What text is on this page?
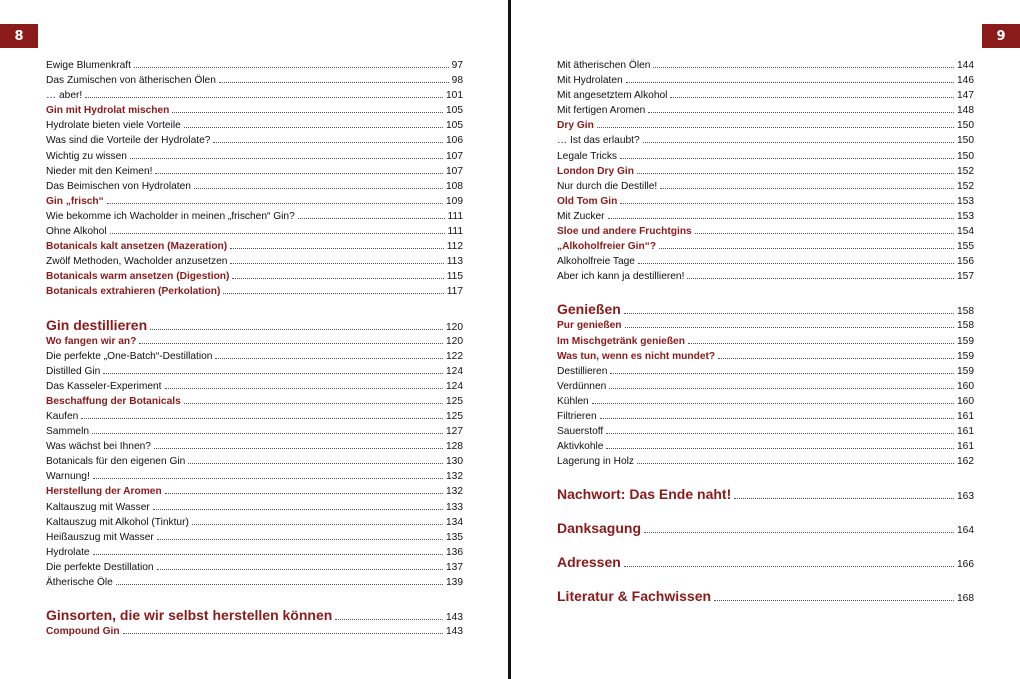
8
Ewige Blumenkraft	97
Das Zumischen von ätherischen Ölen	98
… aber!	101
Gin mit Hydrolat mischen	105
Hydrolate bieten viele Vorteile	105
Was sind die Vorteile der Hydrolate?	106
Wichtig zu wissen	107
Nieder mit den Keimen!	107
Das Beimischen von Hydrolaten	108
Gin „frisch“	109
Wie bekomme ich Wacholder in meinen „frischen“ Gin?	111
Ohne Alkohol	111
Botanicals kalt ansetzen (Mazeration)	112
Zwölf Methoden, Wacholder anzusetzen	113
Botanicals warm ansetzen (Digestion)	115
Botanicals extrahieren (Perkolation)	117
Gin destillieren	120
Wo fangen wir an?	120
Die perfekte „One-Batch“-Destillation	122
Distilled Gin	124
Das Kasseler-Experiment	124
Beschaffung der Botanicals	125
Kaufen	125
Sammeln	127
Was wächst bei Ihnen?	128
Botanicals für den eigenen Gin	130
Warnung!	132
Herstellung der Aromen	132
Kaltauszug mit Wasser	133
Kaltauszug mit Alkohol (Tinktur)	134
Heißauszug mit Wasser	135
Hydrolate	136
Die perfekte Destillation	137
Ätherische Öle	139
Ginsorten, die wir selbst herstellen können	143
Compound Gin	143
9
Mit ätherischen Ölen	144
Mit Hydrolaten	146
Mit angesetztem Alkohol	147
Mit fertigen Aromen	148
Dry Gin	150
… Ist das erlaubt?	150
Legale Tricks	150
London Dry Gin	152
Nur durch die Destille!	152
Old Tom Gin	153
Mit Zucker	153
Sloe und andere Fruchtgins	154
„Alkoholfreier Gin“?	155
Alkoholfreie Tage	156
Aber ich kann ja destillieren!	157
Genießen	158
Pur genießen	158
Im Mischgetränk genießen	159
Was tun, wenn es nicht mundet?	159
Destillieren	159
Verdünnen	160
Kühlen	160
Filtrieren	161
Sauerstoff	161
Aktivkohle	161
Lagerung in Holz	162
Nachwort: Das Ende naht!	163
Danksagung	164
Adressen	166
Literatur & Fachwissen	168
